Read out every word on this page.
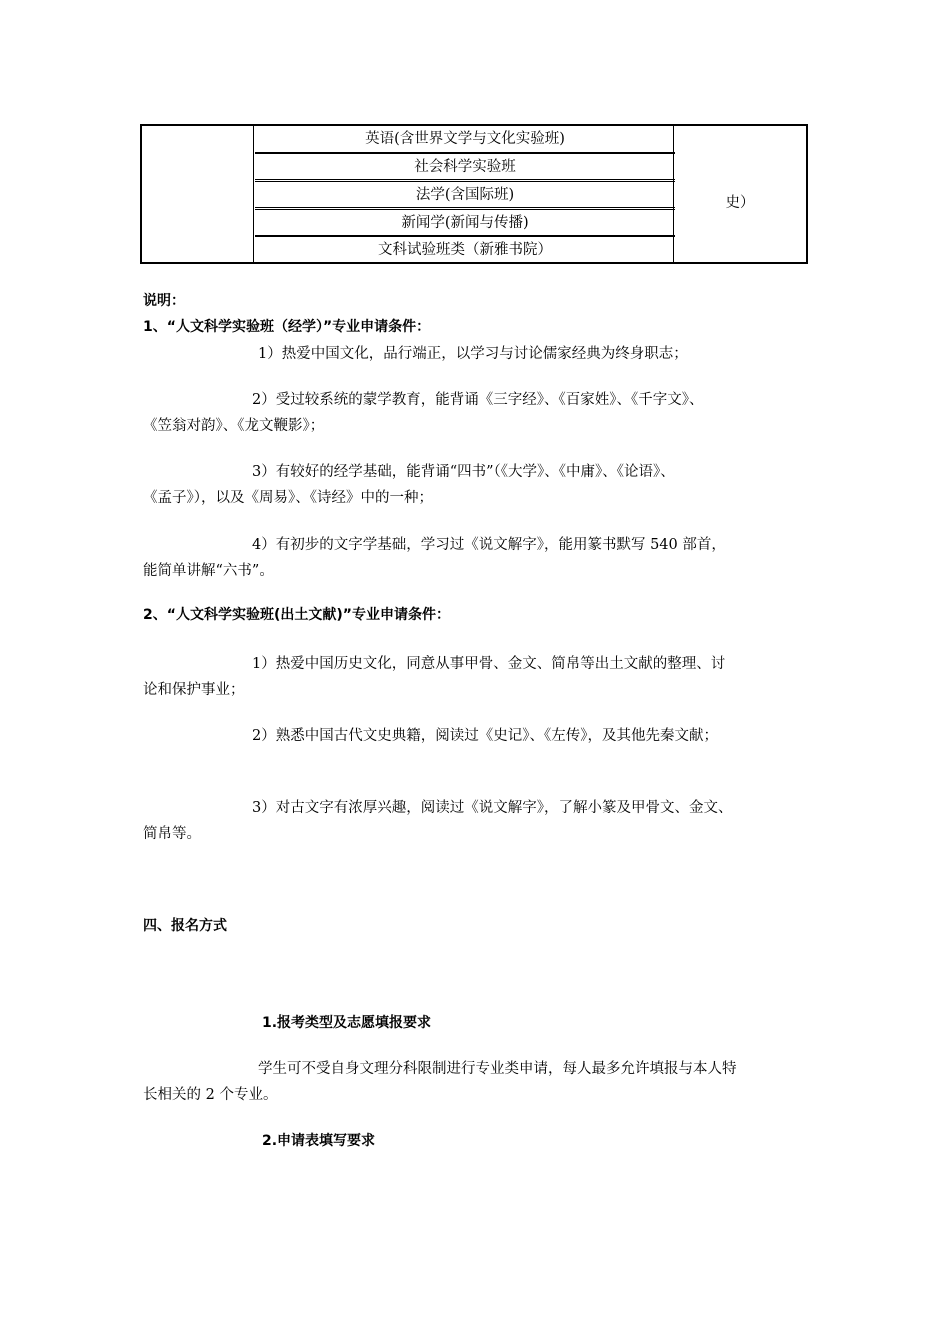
英语(含世界文学与文化实验班)
社会科学实验班
法学(含国际班)
新闻学(新闻与传播)
文科试验班类（新雅书院）
史）
说明：
1、“人文科学实验班（经学）”专业申请条件：
1）热爱中国文化，品行端正，以学习与讨论儒家经典为终身职志；
2）受过较系统的蒙学教育，能背诵《三字经》、《百家姓》、《千字文》、
《笠翁对韵》、《龙文鞭影》；
3）有较好的经学基础，能背诵“四书”（《大学》、《中庸》、《论语》、
《孟子》），以及《周易》、《诗经》中的一种；
4）有初步的文字学基础，学习过《说文解字》，能用篆书默写 540 部首，
能简单讲解“六书”。
2、“人文科学实验班(出土文献)”专业申请条件：
1）热爱中国历史文化，同意从事甲骨、金文、简帛等出土文献的整理、讨
论和保护事业；
2）熟悉中国古代文史典籍，阅读过《史记》、《左传》，及其他先秦文献；
3）对古文字有浓厚兴趣，阅读过《说文解字》，了解小篆及甲骨文、金文、
简帛等。
四、报名方式
1.报考类型及志愿填报要求
学生可不受自身文理分科限制进行专业类申请，每人最多允许填报与本人特
长相关的 2 个专业。
2.申请表填写要求
